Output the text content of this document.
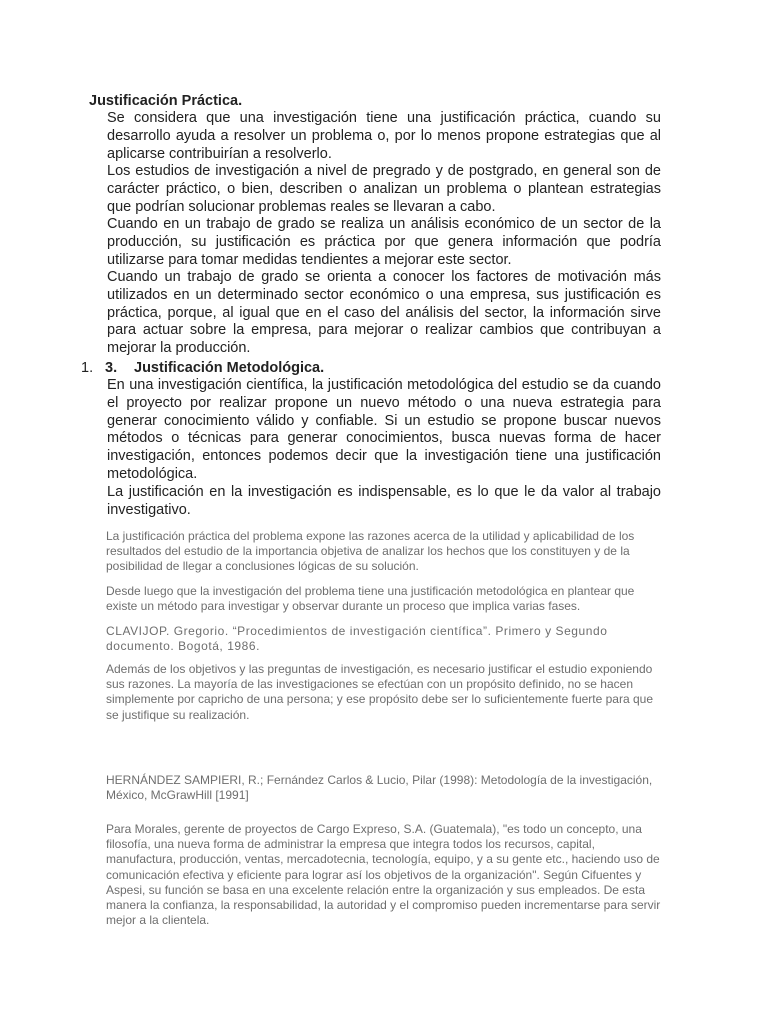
Justificación Práctica.
Se considera que una investigación tiene una justificación práctica, cuando su desarrollo ayuda a resolver un problema o, por lo menos propone estrategias que al aplicarse contribuirían a resolverlo.
Los estudios de investigación a nivel de pregrado y de postgrado, en general son de carácter práctico, o bien, describen o analizan un problema o plantean estrategias que podrían solucionar problemas reales se llevaran a cabo.
Cuando en un trabajo de grado se realiza un análisis económico de un sector de la producción, su justificación es práctica por que genera información que podría utilizarse para tomar medidas tendientes a mejorar este sector.
Cuando un trabajo de grado se orienta a conocer los factores de motivación más utilizados en un determinado sector económico o una empresa, sus justificación es práctica, porque, al igual que en el caso del análisis del sector, la información sirve para actuar sobre la empresa, para mejorar o realizar cambios que contribuyan a mejorar la producción.
1. 3. Justificación Metodológica.
En una investigación científica, la justificación metodológica del estudio se da cuando el proyecto por realizar propone un nuevo método o una nueva estrategia para generar conocimiento válido y confiable. Si un estudio se propone buscar nuevos métodos o técnicas para generar conocimientos, busca nuevas forma de hacer investigación, entonces podemos decir que la investigación tiene una justificación metodológica.
La justificación en la investigación es indispensable, es lo que le da valor al trabajo investigativo.
La justificación práctica del problema expone las razones acerca de la utilidad y aplicabilidad de los resultados del estudio de la importancia objetiva de analizar los hechos que los constituyen y de la posibilidad de llegar a conclusiones lógicas de su solución.
Desde luego que la investigación del problema tiene una justificación metodológica en plantear que existe un método para investigar y observar durante un proceso que implica varias fases.
CLAVIJOP. Gregorio. “Procedimientos de investigación científica”. Primero y Segundo documento. Bogotá, 1986.
Además de los objetivos y las preguntas de investigación, es necesario justificar el estudio exponiendo sus razones. La mayoría de las investigaciones se efectúan con un propósito definido, no se hacen simplemente por capricho de una persona; y ese propósito debe ser lo suficientemente fuerte para que se justifique su realización.
HERNÁNDEZ SAMPIERI, R.; Fernández Carlos & Lucio, Pilar (1998): Metodología de la investigación, México, McGrawHill [1991]
Para Morales, gerente de proyectos de Cargo Expreso, S.A. (Guatemala), "es todo un concepto, una filosofía, una nueva forma de administrar la empresa que integra todos los recursos, capital, manufactura, producción, ventas, mercadotecnia, tecnología, equipo, y a su gente etc., haciendo uso de comunicación efectiva y eficiente para lograr así los objetivos de la organización". Según Cifuentes y Aspesi, su función se basa en una excelente relación entre la organización y sus empleados. De esta manera la confianza, la responsabilidad, la autoridad y el compromiso pueden incrementarse para servir mejor a la clientela.
